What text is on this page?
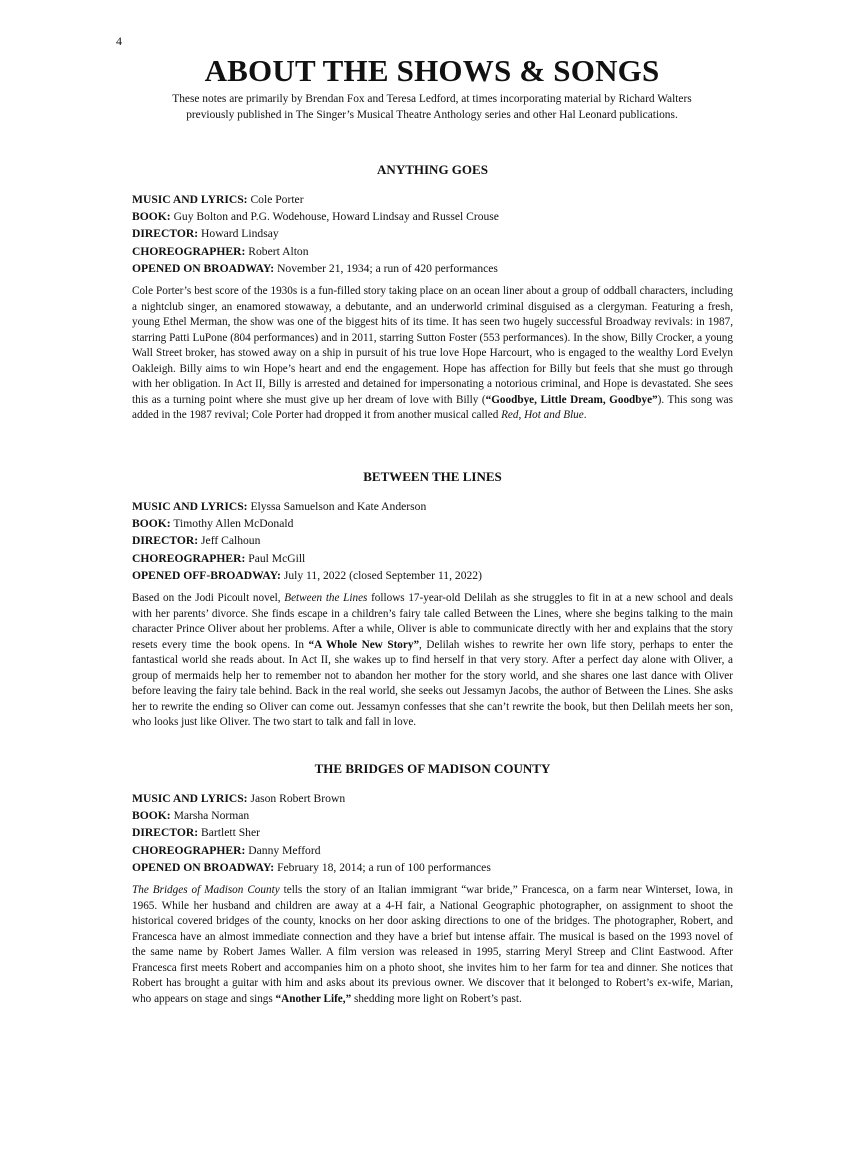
4
ABOUT THE SHOWS & SONGS

These notes are primarily by Brendan Fox and Teresa Ledford, at times incorporating material by Richard Walters
previously published in The Singer’s Musical Theatre Anthology series and other Hal Leonard publications.

ANYTHING GOES
MUSIC AND LYRICS: Cole Porter
BOOK: Guy Bolton and P.G. Wodehouse, Howard Lindsay and Russel Crouse
DIRECTOR: Howard Lindsay
CHOREOGRAPHER: Robert Alton
OPENED ON BROADWAY: November 21, 1934; a run of 420 performances

Cole Porter’s best score of the 1930s is a fun-filled story taking place on an ocean liner about a group of oddball characters, including a nightclub singer, an enamored stowaway, a debutante, and an underworld criminal disguised as a clergyman. Featuring a fresh, young Ethel Merman, the show was one of the biggest hits of its time. It has seen two hugely successful Broadway revivals: in 1987, starring Patti LuPone (804 performances) and in 2011, starring Sutton Foster (553 performances). In the show, Billy Crocker, a young Wall Street broker, has stowed away on a ship in pursuit of his true love Hope Harcourt, who is engaged to the wealthy Lord Evelyn Oakleigh. Billy aims to win Hope’s heart and end the engagement. Hope has affection for Billy but feels that she must go through with her obligation. In Act II, Billy is arrested and detained for impersonating a notorious criminal, and Hope is devastated. She sees this as a turning point where she must give up her dream of love with Billy (“Goodbye, Little Dream, Goodbye”). This song was added in the 1987 revival; Cole Porter had dropped it from another musical called Red, Hot and Blue.

BETWEEN THE LINES
MUSIC AND LYRICS: Elyssa Samuelson and Kate Anderson
BOOK: Timothy Allen McDonald
DIRECTOR: Jeff Calhoun
CHOREOGRAPHER: Paul McGill
OPENED OFF-BROADWAY: July 11, 2022 (closed September 11, 2022)

Based on the Jodi Picoult novel, Between the Lines follows 17-year-old Delilah as she struggles to fit in at a new school and deals with her parents’ divorce. She finds escape in a children’s fairy tale called Between the Lines, where she begins talking to the main character Prince Oliver about her problems. After a while, Oliver is able to communicate directly with her and explains that the story resets every time the book opens. In “A Whole New Story”, Delilah wishes to rewrite her own life story, perhaps to enter the fantastical world she reads about. In Act II, she wakes up to find herself in that very story. After a perfect day alone with Oliver, a group of mermaids help her to remember not to abandon her mother for the story world, and she shares one last dance with Oliver before leaving the fairy tale behind. Back in the real world, she seeks out Jessamyn Jacobs, the author of Between the Lines. She asks her to rewrite the ending so Oliver can come out. Jessamyn confesses that she can’t rewrite the book, but then Delilah meets her son, who looks just like Oliver. The two start to talk and fall in love.

THE BRIDGES OF MADISON COUNTY
MUSIC AND LYRICS: Jason Robert Brown
BOOK: Marsha Norman
DIRECTOR: Bartlett Sher
CHOREOGRAPHER: Danny Mefford
OPENED ON BROADWAY: February 18, 2014; a run of 100 performances

The Bridges of Madison County tells the story of an Italian immigrant “war bride,” Francesca, on a farm near Winterset, Iowa, in 1965. While her husband and children are away at a 4-H fair, a National Geographic photographer, on assignment to shoot the historical covered bridges of the county, knocks on her door asking directions to one of the bridges. The photographer, Robert, and Francesca have an almost immediate connection and they have a brief but intense affair. The musical is based on the 1993 novel of the same name by Robert James Waller. A film version was released in 1995, starring Meryl Streep and Clint Eastwood. After Francesca first meets Robert and accompanies him on a photo shoot, she invites him to her farm for tea and dinner. She notices that Robert has brought a guitar with him and asks about its previous owner. We discover that it belonged to Robert’s ex-wife, Marian, who appears on stage and sings “Another Life,” shedding more light on Robert’s past.
